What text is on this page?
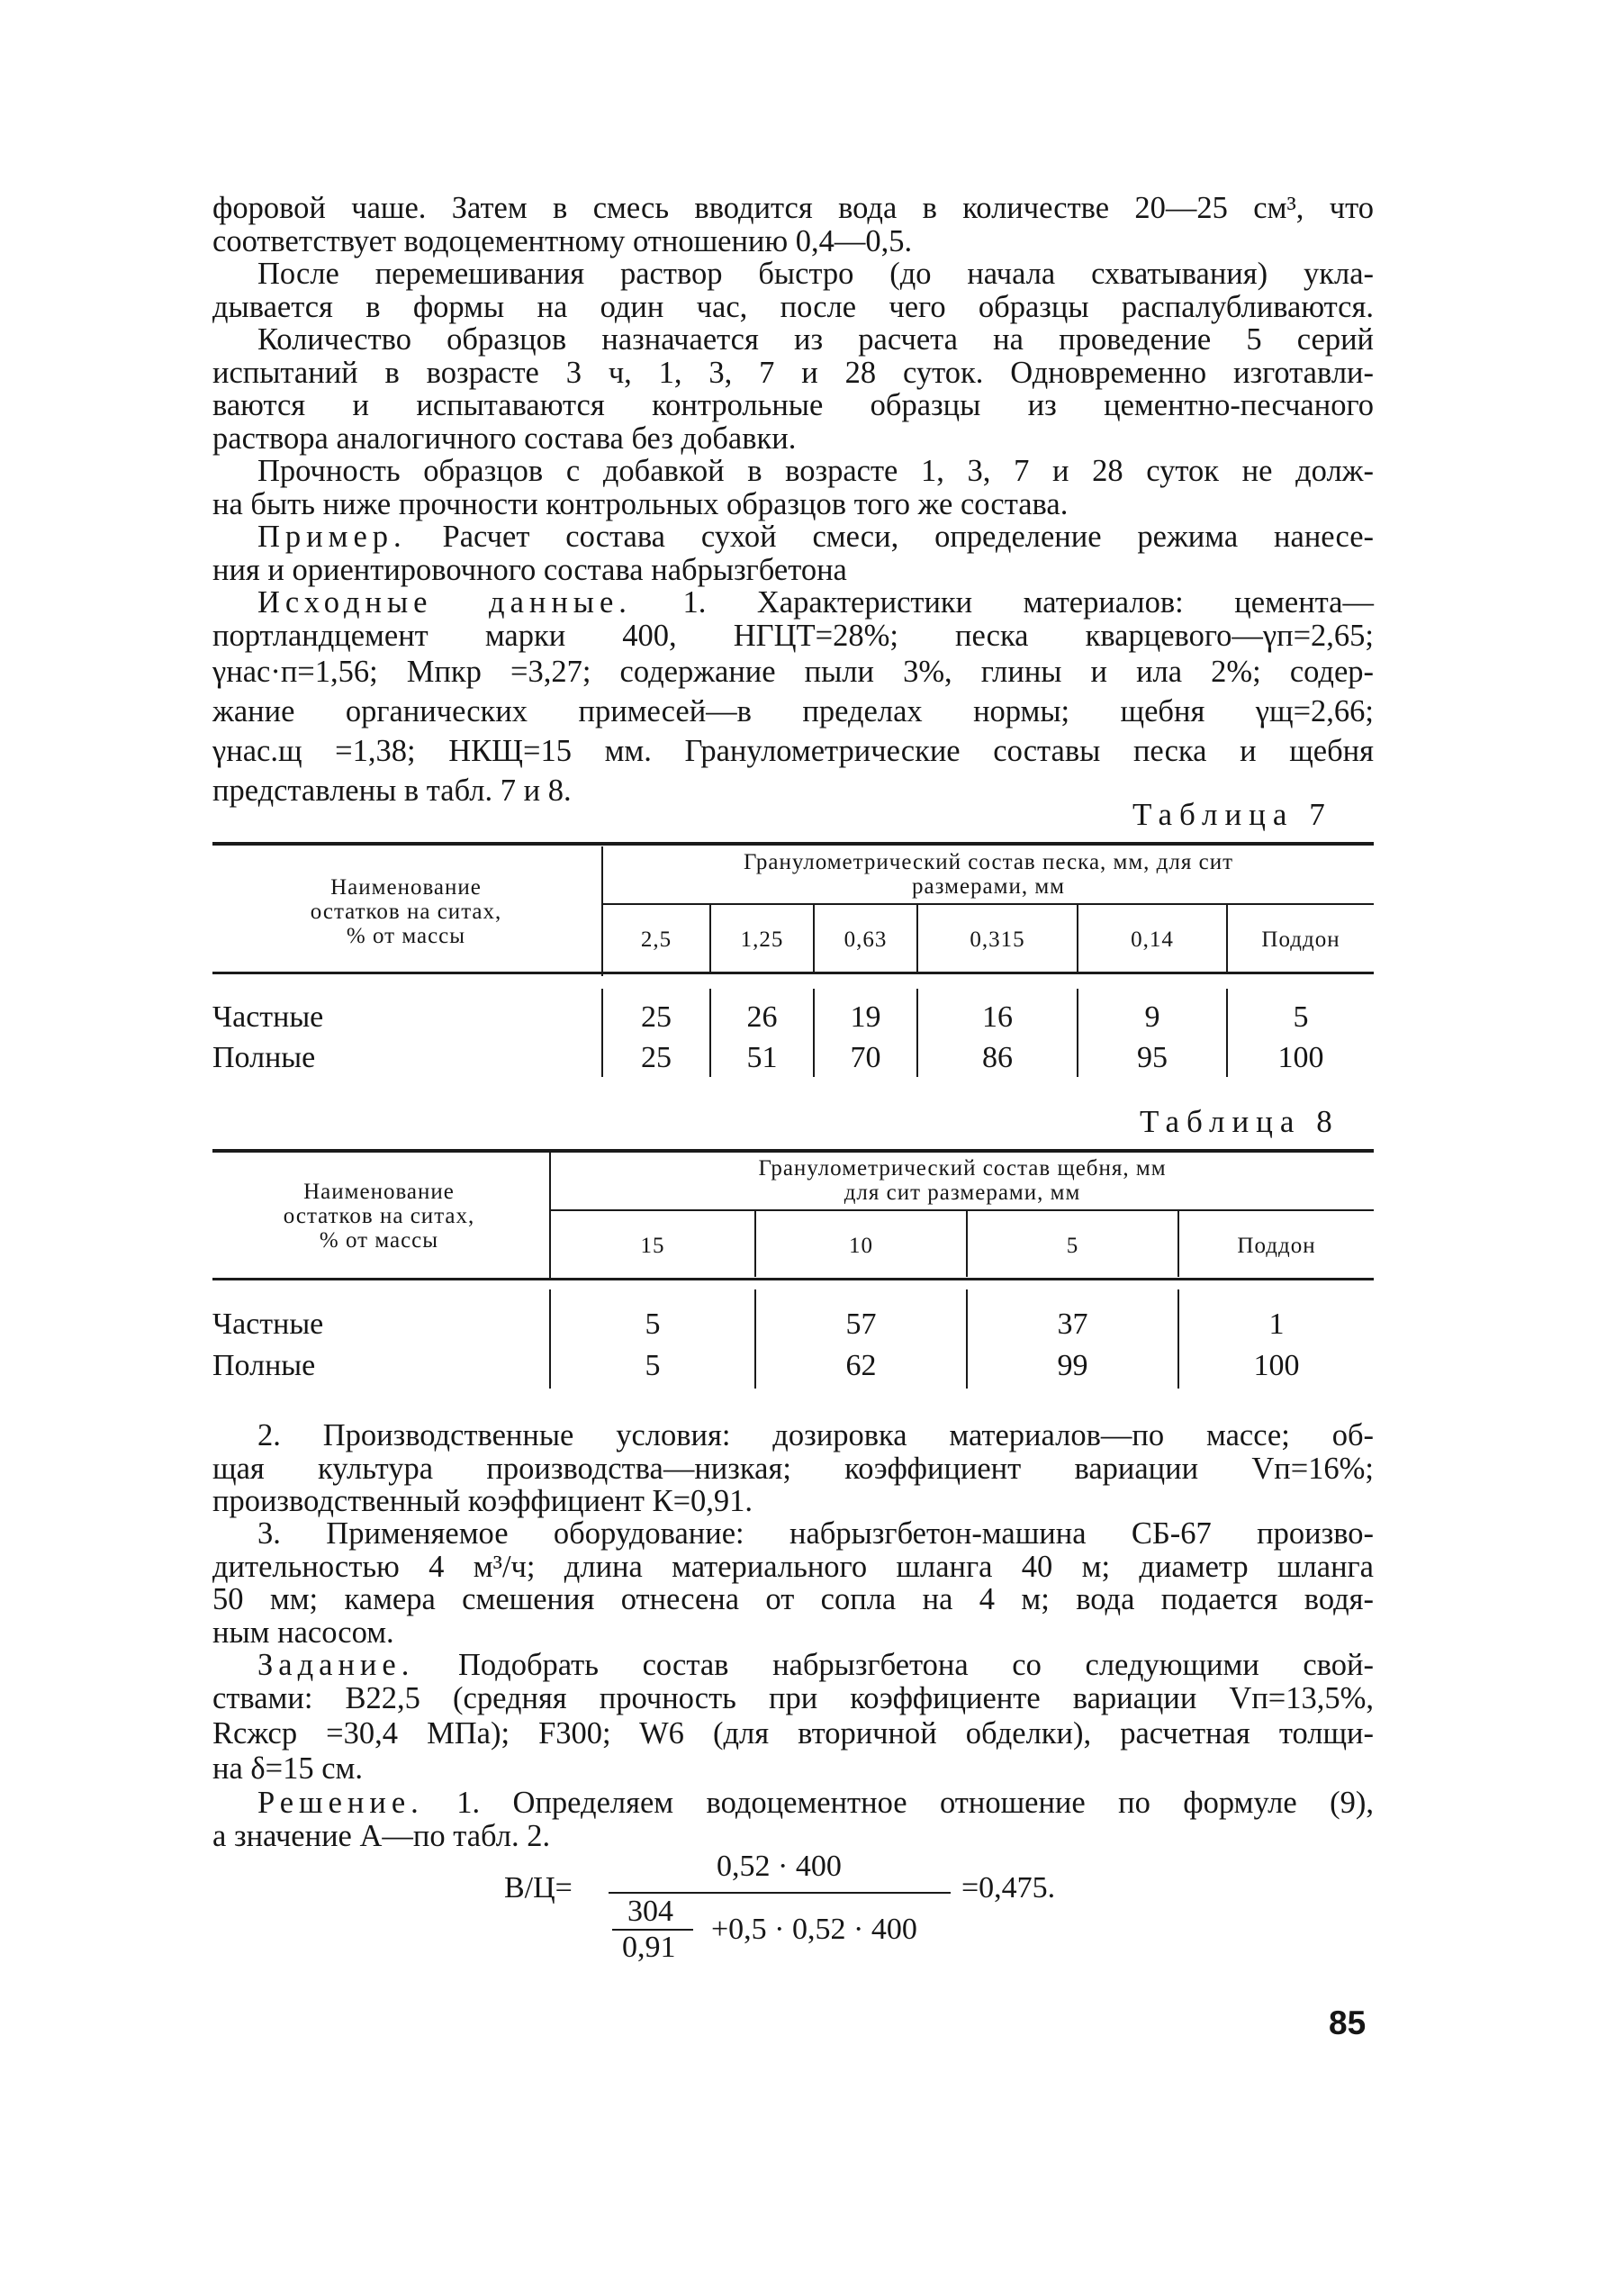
форовой чаше. Затем в смесь вводится вода в количестве 20—25 см³, что
соответствует водоцементному отношению 0,4—0,5.
После перемешивания раствор быстро (до начала схватывания) укла-
дывается в формы на один час, после чего образцы распалубливаются.
Количество образцов назначается из расчета на проведение 5 серий
испытаний в возрасте 3 ч, 1, 3, 7 и 28 суток. Одновременно изготавли-
ваются и испытаваются контрольные образцы из цементно-песчаного
раствора аналогичного состава без добавки.
Прочность образцов с добавкой в возрасте 1, 3, 7 и 28 суток не долж-
на быть ниже прочности контрольных образцов того же состава.
Пример. Расчет состава сухой смеси, определение режима нанесе-
ния и ориентировочного состава набрызгбетона
Исходные данные. 1. Характеристики материалов: цемента—
портландцемент марки 400, НГЦТ=28%; песка кварцевого—γп=2,65;
γнас·п=1,56; Мпкр =3,27; содержание пыли 3%, глины и ила 2%; содер-
жание органических примесей—в пределах нормы; щебня γщ=2,66;
γнас.щ =1,38; НКЩ=15 мм. Гранулометрические составы песка и щебня
представлены в табл. 7 и 8.
Таблица 7
Наименование
остатков на ситах,
% от массы
Гранулометрический состав песка, мм, для сит
размерами, мм
2,5	1,25	0,63	0,315	0,14	Поддон
Частные	25	26	19	16	9	5
Полные	25	51	70	86	95	100
Таблица 8
Наименование
остатков на ситах,
% от массы
Гранулометрический состав щебня, мм
для сит размерами, мм
15	10	5	Поддон
Частные	5	57	37	1
Полные	5	62	99	100
2. Производственные условия: дозировка материалов—по массе; об-
щая культура производства—низкая; коэффициент вариации Vп=16%;
производственный коэффициент К=0,91.
3. Применяемое оборудование: набрызгбетон-машина СБ-67 произво-
дительностью 4 м³/ч; длина материального шланга 40 м; диаметр шланга
50 мм; камера смешения отнесена от сопла на 4 м; вода подается водя-
ным насосом.
Задание. Подобрать состав набрызгбетона со следующими свой-
ствами: B22,5 (средняя прочность при коэффициенте вариации Vп=13,5%,
Rсжср =30,4 МПа); F300; W6 (для вторичной обделки), расчетная толщи-
на δ=15 см.
Решение. 1. Определяем водоцементное отношение по формуле (9),
а значение А—по табл. 2.
В/Ц=
0,52 · 400
304
0,91
+0,5 · 0,52 · 400
=0,475.
85
